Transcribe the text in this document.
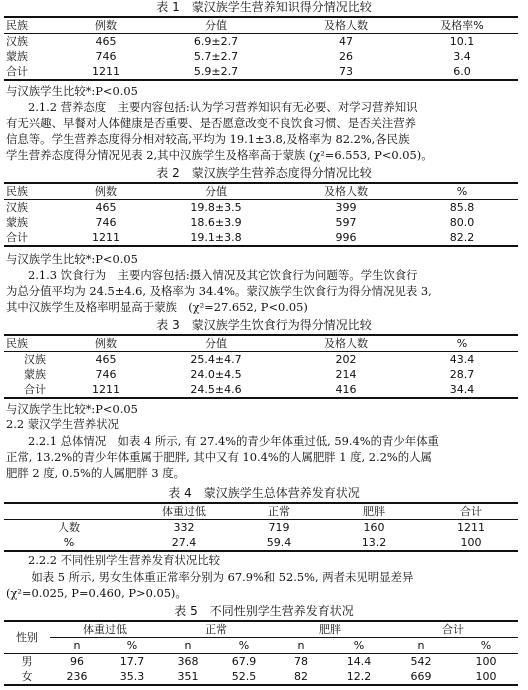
表 1　蒙汉族学生营养知识得分情况比较
民族	例数	分值	及格人数	及格率%
汉族	465	6.9±2.7	47	10.1
蒙族	746	5.7±2.7	26	3.4
合计	1211	5.9±2.7	73	6.0
与汉族学生比较*:P<0.05
2.1.2 营养态度　主要内容包括:认为学习营养知识有无必要、对学习营养知识
有无兴趣、早餐对人体健康是否重要、是否愿意改变不良饮食习惯、是否关注营养
信息等。学生营养态度得分相对较高,平均为 19.1±3.8,及格率为 82.2%,各民族
学生营养态度得分情况见表 2,其中汉族学生及格率高于蒙族 (χ²=6.553, P<0.05)。
表 2　蒙汉族学生营养态度得分情况比较
民族	例数	分值	及格人数	%
汉族	465	19.8±3.5	399	85.8
蒙族	746	18.6±3.9	597	80.0
合计	1211	19.1±3.8	996	82.2
与汉族学生比较*:P<0.05
2.1.3 饮食行为　主要内容包括:摄入情况及其它饮食行为问题等。学生饮食行
为总分值平均为 24.5±4.6, 及格率为 34.4%。蒙汉族学生饮食行为得分情况见表 3,
其中汉族学生及格率明显高于蒙族　(χ²=27.652, P<0.05)
表 3　蒙汉族学生饮食行为得分情况比较
民族	例数	分值	及格人数	%
汉族	465	25.4±4.7	202	43.4
蒙族	746	24.0±4.5	214	28.7
合计	1211	24.5±4.6	416	34.4
与汉族学生比较*:P<0.05
2.2 蒙汉学生营养状况
2.2.1 总体情况　如表 4 所示, 有 27.4%的青少年体重过低, 59.4%的青少年体重
正常, 13.2%的青少年体重属于肥胖, 其中又有 10.4%的人属肥胖 1 度, 2.2%的人属
肥胖 2 度, 0.5%的人属肥胖 3 度。
表 4　蒙汉族学生总体营养发育状况
	体重过低	正常	肥胖	合计
人数	332	719	160	1211
%	27.4	59.4	13.2	100
2.2.2 不同性别学生营养发育状况比较
　如表 5 所示, 男女生体重正常率分别为 67.9%和 52.5%, 两者未见明显差异
(χ²=0.025, P=0.460, P>0.05)。
表 5　不同性别学生营养发育状况
性别	体重过低		正常		肥胖		合计	
	n	%	n	%	n	%	n	%
男	96	17.7	368	67.9	78	14.4	542	100
女	236	35.3	351	52.5	82	12.2	669	100
